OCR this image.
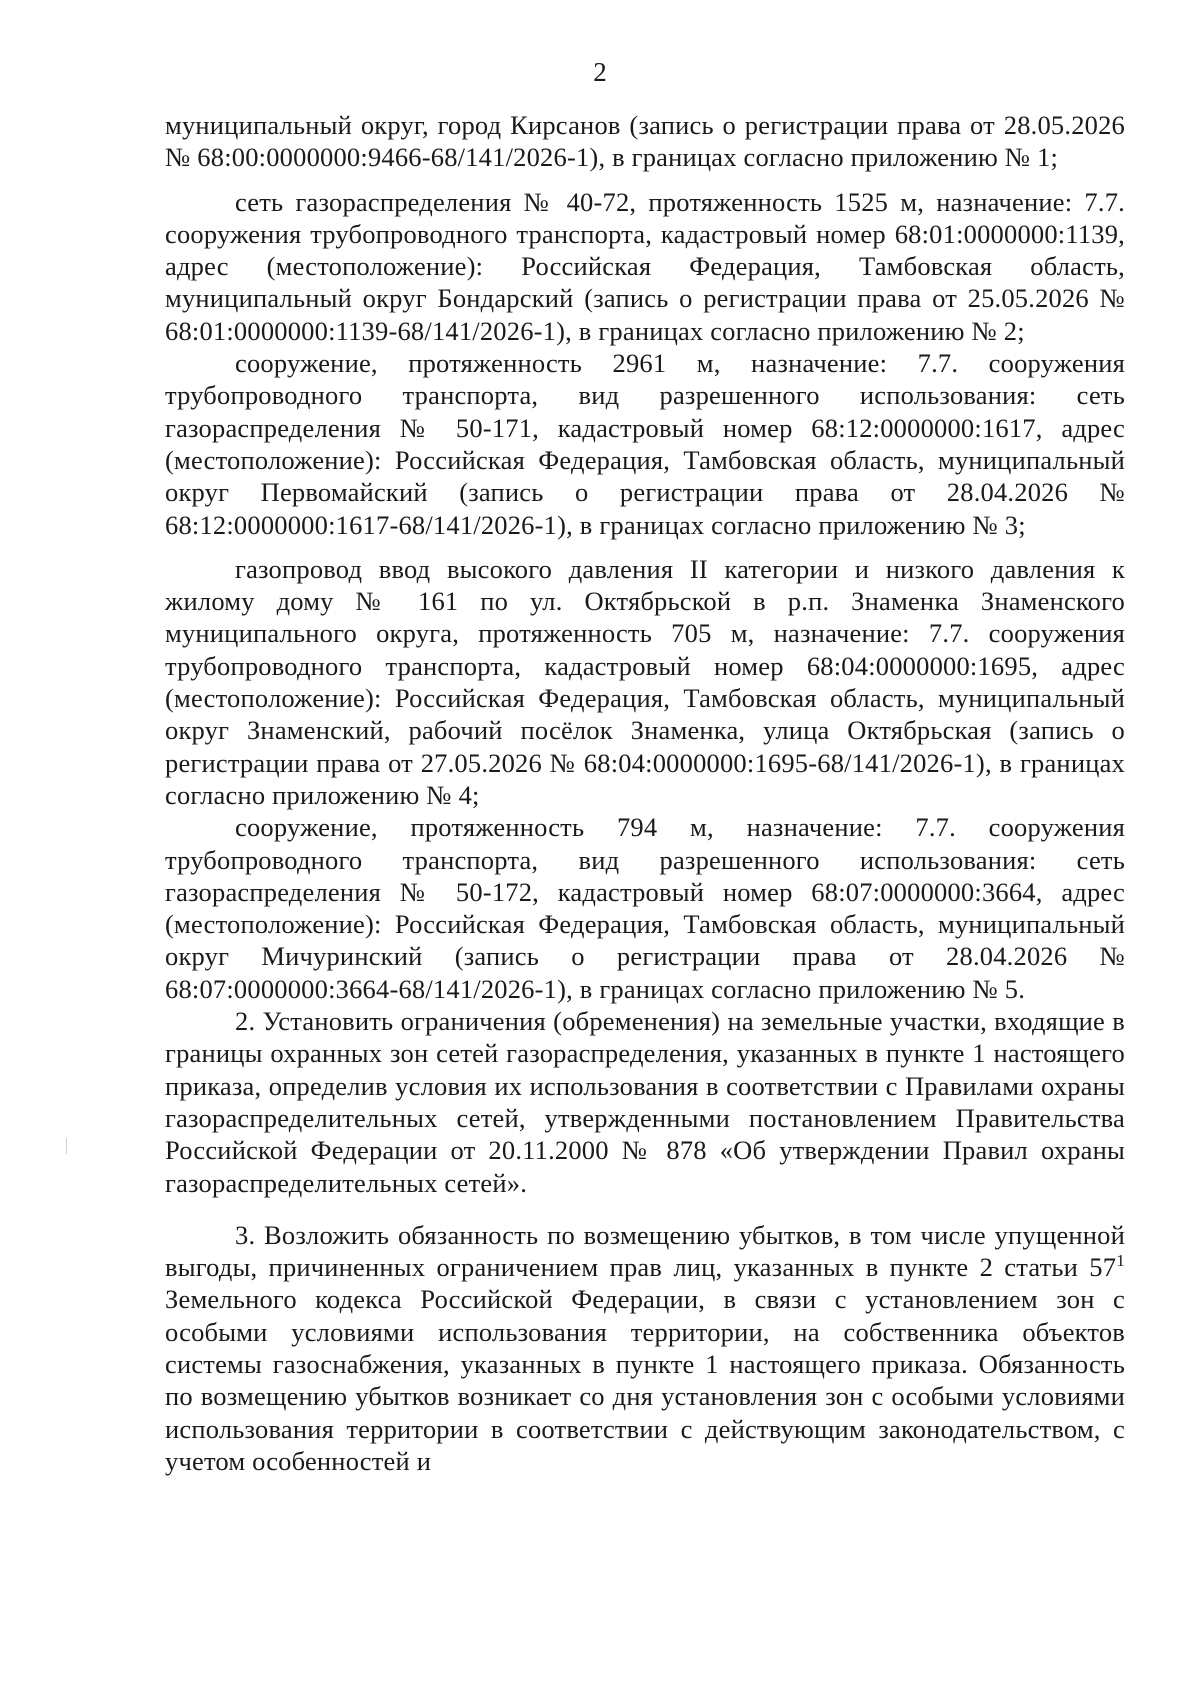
2

муниципальный округ, город Кирсанов (запись о регистрации права от 28.05.2026 № 68:00:0000000:9466-68/141/2026-1), в границах согласно приложению № 1;

сеть газораспределения № 40-72, протяженность 1525 м, назначение: 7.7. сооружения трубопроводного транспорта, кадастровый номер 68:01:0000000:1139, адрес (местоположение): Российская Федерация, Тамбовская область, муниципальный округ Бондарский (запись о регистрации права от 25.05.2026 № 68:01:0000000:1139-68/141/2026-1), в границах согласно приложению № 2;

сооружение, протяженность 2961 м, назначение: 7.7. сооружения трубопроводного транспорта, вид разрешенного использования: сеть газораспределения № 50-171, кадастровый номер 68:12:0000000:1617, адрес (местоположение): Российская Федерация, Тамбовская область, муниципальный округ Первомайский (запись о регистрации права от 28.04.2026 № 68:12:0000000:1617-68/141/2026-1), в границах согласно приложению № 3;

газопровод ввод высокого давления II категории и низкого давления к жилому дому № 161 по ул. Октябрьской в р.п. Знаменка Знаменского муниципального округа, протяженность 705 м, назначение: 7.7. сооружения трубопроводного транспорта, кадастровый номер 68:04:0000000:1695, адрес (местоположение): Российская Федерация, Тамбовская область, муниципальный округ Знаменский, рабочий посёлок Знаменка, улица Октябрьская (запись о регистрации права от 27.05.2026 № 68:04:0000000:1695-68/141/2026-1), в границах согласно приложению № 4;

сооружение, протяженность 794 м, назначение: 7.7. сооружения трубопроводного транспорта, вид разрешенного использования: сеть газораспределения № 50-172, кадастровый номер 68:07:0000000:3664, адрес (местоположение): Российская Федерация, Тамбовская область, муниципальный округ Мичуринский (запись о регистрации права от 28.04.2026 № 68:07:0000000:3664-68/141/2026-1), в границах согласно приложению № 5.

2. Установить ограничения (обременения) на земельные участки, входящие в границы охранных зон сетей газораспределения, указанных в пункте 1 настоящего приказа, определив условия их использования в соответствии с Правилами охраны газораспределительных сетей, утвержденными постановлением Правительства Российской Федерации от 20.11.2000 № 878 «Об утверждении Правил охраны газораспределительных сетей».

3. Возложить обязанность по возмещению убытков, в том числе упущенной выгоды, причиненных ограничением прав лиц, указанных в пункте 2 статьи $57^1$ Земельного кодекса Российской Федерации, в связи с установлением зон с особыми условиями использования территории, на собственника объектов системы газоснабжения, указанных в пункте 1 настоящего приказа. Обязанность по возмещению убытков возникает со дня установления зон с особыми условиями использования территории в соответствии с действующим законодательством, с учетом особенностей и
